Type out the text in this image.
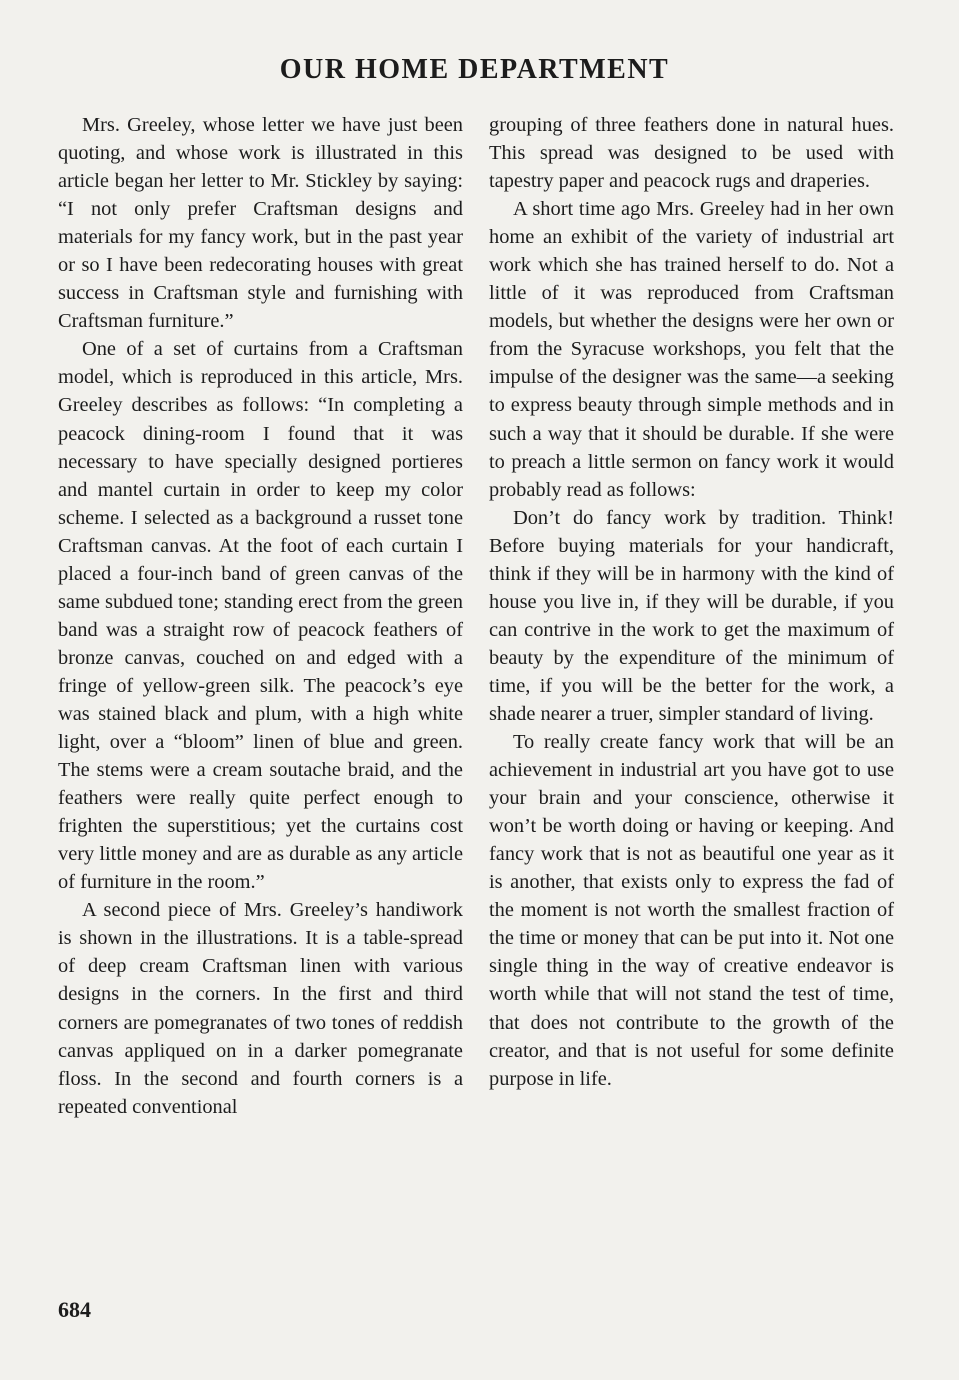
OUR HOME DEPARTMENT

Mrs. Greeley, whose letter we have just been quoting, and whose work is illustrated in this article began her letter to Mr. Stickley by saying: “I not only prefer Craftsman designs and materials for my fancy work, but in the past year or so I have been redecorating houses with great success in Craftsman style and furnishing with Craftsman furniture.”

One of a set of curtains from a Craftsman model, which is reproduced in this article, Mrs. Greeley describes as follows: “In completing a peacock dining-room I found that it was necessary to have specially designed portieres and mantel curtain in order to keep my color scheme. I selected as a background a russet tone Craftsman canvas. At the foot of each curtain I placed a four-inch band of green canvas of the same subdued tone; standing erect from the green band was a straight row of peacock feathers of bronze canvas, couched on and edged with a fringe of yellow-green silk. The peacock’s eye was stained black and plum, with a high white light, over a “bloom” linen of blue and green. The stems were a cream soutache braid, and the feathers were really quite perfect enough to frighten the superstitious; yet the curtains cost very little money and are as durable as any article of furniture in the room.”

A second piece of Mrs. Greeley’s handiwork is shown in the illustrations. It is a table-spread of deep cream Craftsman linen with various designs in the corners. In the first and third corners are pomegranates of two tones of reddish canvas appliqued on in a darker pomegranate floss. In the second and fourth corners is a repeated conventional

grouping of three feathers done in natural hues. This spread was designed to be used with tapestry paper and peacock rugs and draperies.

A short time ago Mrs. Greeley had in her own home an exhibit of the variety of industrial art work which she has trained herself to do. Not a little of it was reproduced from Craftsman models, but whether the designs were her own or from the Syracuse workshops, you felt that the impulse of the designer was the same—a seeking to express beauty through simple methods and in such a way that it should be durable. If she were to preach a little sermon on fancy work it would probably read as follows:

Don’t do fancy work by tradition. Think! Before buying materials for your handicraft, think if they will be in harmony with the kind of house you live in, if they will be durable, if you can contrive in the work to get the maximum of beauty by the expenditure of the minimum of time, if you will be the better for the work, a shade nearer a truer, simpler standard of living.

To really create fancy work that will be an achievement in industrial art you have got to use your brain and your conscience, otherwise it won’t be worth doing or having or keeping. And fancy work that is not as beautiful one year as it is another, that exists only to express the fad of the moment is not worth the smallest fraction of the time or money that can be put into it. Not one single thing in the way of creative endeavor is worth while that will not stand the test of time, that does not contribute to the growth of the creator, and that is not useful for some definite purpose in life.

684
